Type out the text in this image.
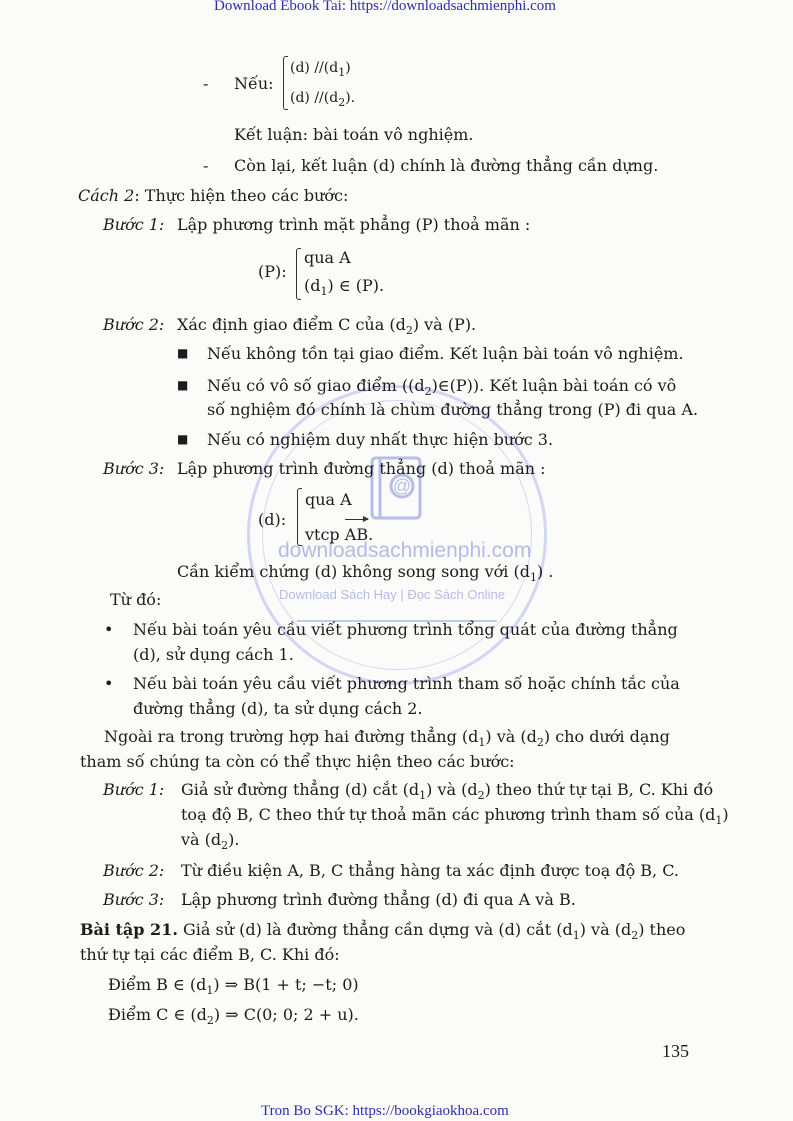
Download Ebook Tai: https://downloadsachmienphi.com
@
downloadsachmienphi.com
Download Sách Hay | Đọc Sách Online
- Nếu:
(d) $//(d_1)$
(d) $//(d_2)$.
Kết luận: bài toán vô nghiệm.
- Còn lại, kết luận (d) chính là đường thẳng cần dựng.
Cách 2: Thực hiện theo các bước:
Bước 1: Lập phương trình mặt phẳng (P) thoả mãn :
(P):
qua A
$(d_1)$ ∈ (P).
Bước 2: Xác định giao điểm C của $(d_2)$ và (P).
■ Nếu không tồn tại giao điểm. Kết luận bài toán vô nghiệm.
■ Nếu có vô số giao điểm $((d_2)\in(P))$. Kết luận bài toán có vô
số nghiệm đó chính là chùm đường thẳng trong (P) đi qua A.
■ Nếu có nghiệm duy nhất thực hiện bước 3.
Bước 3: Lập phương trình đường thẳng (d) thoả mãn :
(d):
qua A
vtcp AB.
Cần kiểm chứng (d) không song song với $(d_1)$ .
Từ đó:
• Nếu bài toán yêu cầu viết phương trình tổng quát của đường thẳng
(d), sử dụng cách 1.
• Nếu bài toán yêu cầu viết phương trình tham số hoặc chính tắc của
đường thẳng (d), ta sử dụng cách 2.
Ngoài ra trong trường hợp hai đường thẳng $(d_1)$ và $(d_2)$ cho dưới dạng
tham số chúng ta còn có thể thực hiện theo các bước:
Bước 1: Giả sử đường thẳng (d) cắt $(d_1)$ và $(d_2)$ theo thứ tự tại B, C. Khi đó
toạ độ B, C theo thứ tự thoả mãn các phương trình tham số của $(d_1)$
và $(d_2)$.
Bước 2: Từ điều kiện A, B, C thẳng hàng ta xác định được toạ độ B, C.
Bước 3: Lập phương trình đường thẳng (d) đi qua A và B.
Bài tập 21. Giả sử (d) là đường thẳng cần dựng và (d) cắt $(d_1)$ và $(d_2)$ theo
thứ tự tại các điểm B, C. Khi đó:
Điểm B ∈ $(d_1)$ ⇒ B(1 + t; −t; 0)
Điểm C ∈ $(d_2)$ ⇒ C(0; 0; 2 + u).
135
Tron Bo SGK: https://bookgiaokhoa.com
